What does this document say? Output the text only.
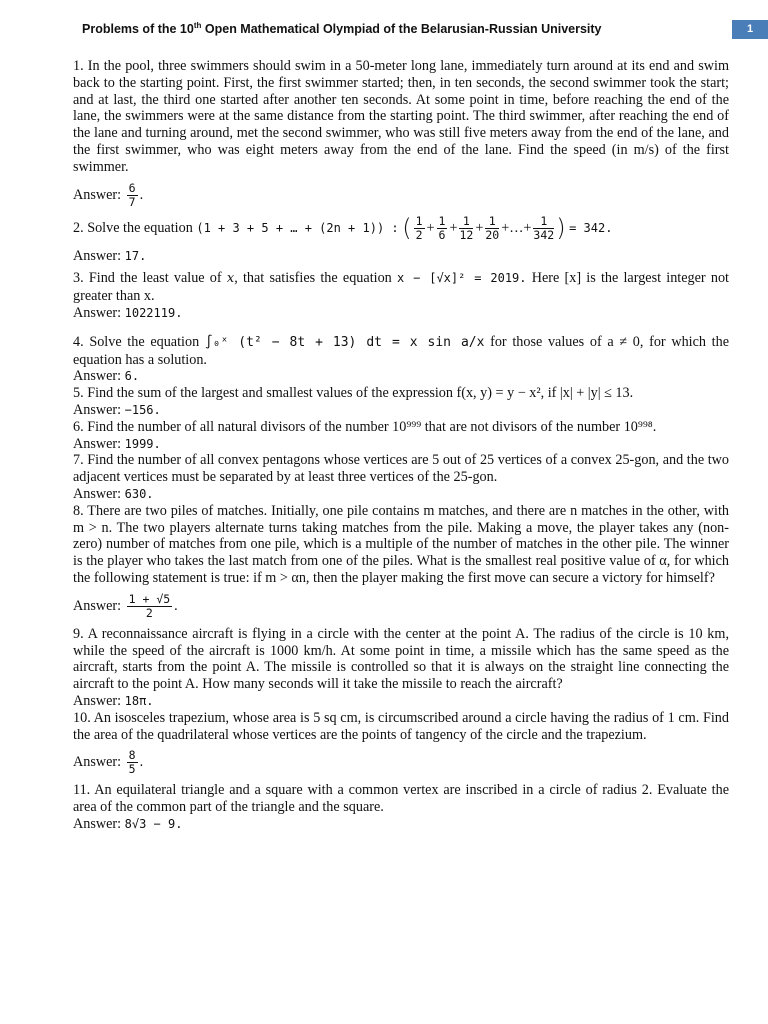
Problems of the 10th Open Mathematical Olympiad of the Belarusian-Russian University	1

1. In the pool, three swimmers should swim in a 50-meter long lane, immediately turn around at its end and swim back to the starting point. First, the first swimmer started; then, in ten seconds, the second swimmer took the start; and at last, the third one started after another ten seconds. At some point in time, before reaching the end of the lane, the swimmers were at the same distance from the starting point. The third swimmer, after reaching the end of the lane and turning around, met the second swimmer, who was still five meters away from the end of the lane, and the first swimmer, who was eight meters away from the end of the lane. Find the speed (in m/s) of the first swimmer.

Answer: $\frac{6}{7}$ .

2. Solve the equation (1 + 3 + 5 + … + (2n + 1)) : ( $\frac{1}{2} + \frac{1}{6} + \frac{1}{12} + \frac{1}{20}$ +…+ $\frac{1}{342}$ ) = 342.

Answer: 17.

3. Find the least value of x, that satisfies the equation x − [√x]² = 2019. Here [x] is the largest integer not greater than x.

Answer: 1022119.

4. Solve the equation ∫₀ˣ (t² − 8t + 13) dt = x sin a/x for those values of a ≠ 0, for which the equation has a solution.

Answer: 6.

5. Find the sum of the largest and smallest values of the expression f(x, y) = y − x², if |x| + |y| ≤ 13.

Answer: −156.

6. Find the number of all natural divisors of the number 10⁹⁹⁹ that are not divisors of the number 10⁹⁹⁸.

Answer: 1999.

7. Find the number of all convex pentagons whose vertices are 5 out of 25 vertices of a convex 25-gon, and the two adjacent vertices must be separated by at least three vertices of the 25-gon.

Answer: 630.

8. There are two piles of matches. Initially, one pile contains m matches, and there are n matches in the other, with m > n. The two players alternate turns taking matches from the pile. Making a move, the player takes any (non-zero) number of matches from one pile, which is a multiple of the number of matches in the other pile. The winner is the player who takes the last match from one of the piles. What is the smallest real positive value of α, for which the following statement is true: if m > αn, then the player making the first move can secure a victory for himself?

Answer: $\frac{1 + √5}{2}$ .

9. A reconnaissance aircraft is flying in a circle with the center at the point A. The radius of the circle is 10 km, while the speed of the aircraft is 1000 km/h. At some point in time, a missile which has the same speed as the aircraft, starts from the point A. The missile is controlled so that it is always on the straight line connecting the aircraft to the point A. How many seconds will it take the missile to reach the aircraft?

Answer: 18π.

10. An isosceles trapezium, whose area is 5 sq cm, is circumscribed around a circle having the radius of 1 cm. Find the area of the quadrilateral whose vertices are the points of tangency of the circle and the trapezium.

Answer: $\frac{8}{5}$ .

11. An equilateral triangle and a square with a common vertex are inscribed in a circle of radius 2. Evaluate the area of the common part of the triangle and the square.

Answer: 8√3 − 9.
